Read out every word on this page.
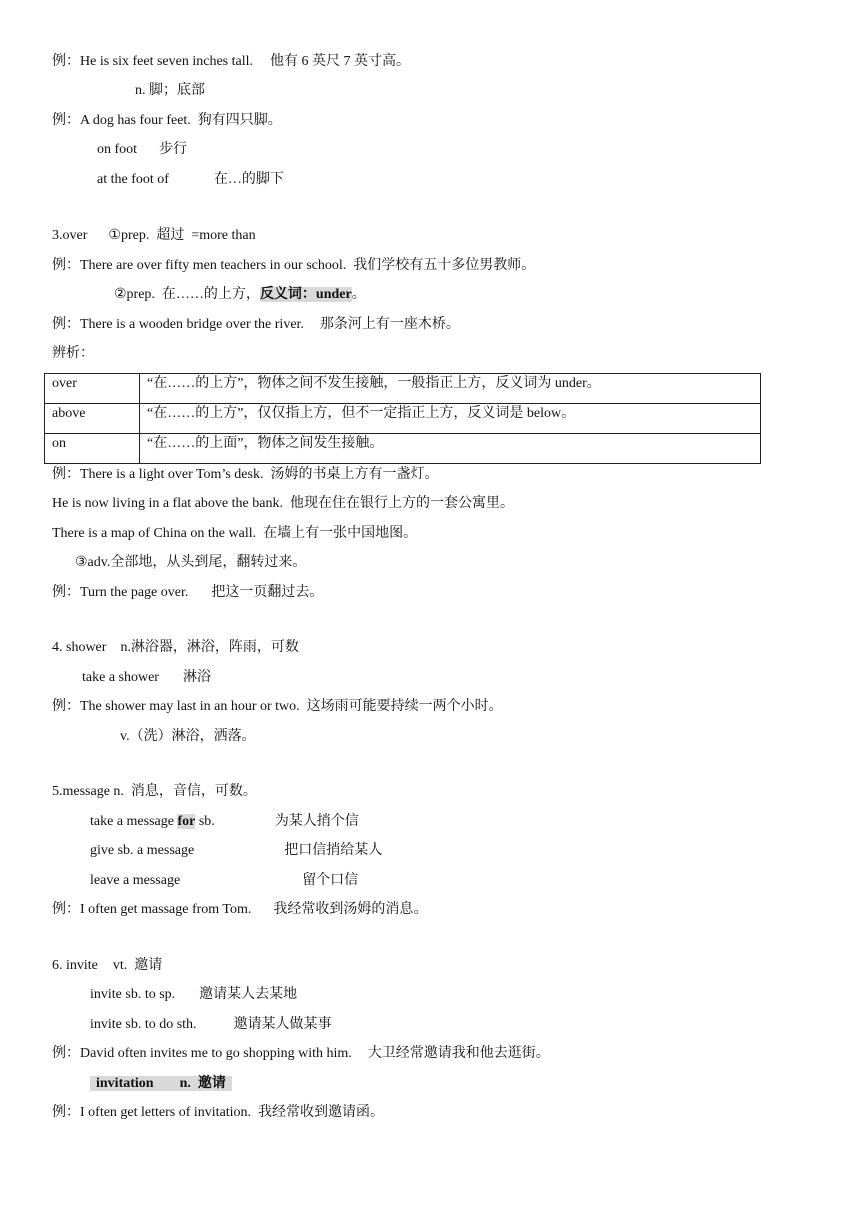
例：He is six feet seven inches tall. 他有 6 英尺 7 英寸高。
n. 脚；底部
例：A dog has four feet.  狗有四只脚。
on foot 步行
at the foot of	在…的脚下
3.over ①prep.  超过  =more than
例：There are over fifty men teachers in our school.  我们学校有五十多位男教师。
②prep.  在……的上方，反义词：under。
例：There is a wooden bridge over the river. 那条河上有一座木桥。
辨析：
over	“在……的上方”，物体之间不发生接触，一般指正上方，反义词为 under。
above	“在……的上方”，仅仅指上方，但不一定指正上方，反义词是 below。
on	“在……的上面”，物体之间发生接触。
例：There is a light over Tom’s desk.  汤姆的书桌上方有一盏灯。
He is now living in a flat above the bank.  他现在住在银行上方的一套公寓里。
There is a map of China on the wall.  在墙上有一张中国地图。
③adv.全部地，从头到尾，翻转过来。
例：Turn the page over. 把这一页翻过去。
4. shower n.淋浴器，淋浴，阵雨，可数
take a shower 淋浴
例：The shower may last in an hour or two.  这场雨可能要持续一两个小时。
v.（洗）淋浴，洒落。
5.message n.  消息，音信，可数。
take a message for sb.	为某人捎个信
give sb. a message	把口信捎给某人
leave a message	留个口信
例：I often get massage from Tom. 我经常收到汤姆的消息。
6. invite vt.  邀请
invite sb. to sp. 邀请某人去某地
invite sb. to do sth.	邀请某人做某事
例：David often invites me to go shopping with him. 大卫经常邀请我和他去逛街。
invitation n.  邀请
例：I often get letters of invitation.  我经常收到邀请函。
